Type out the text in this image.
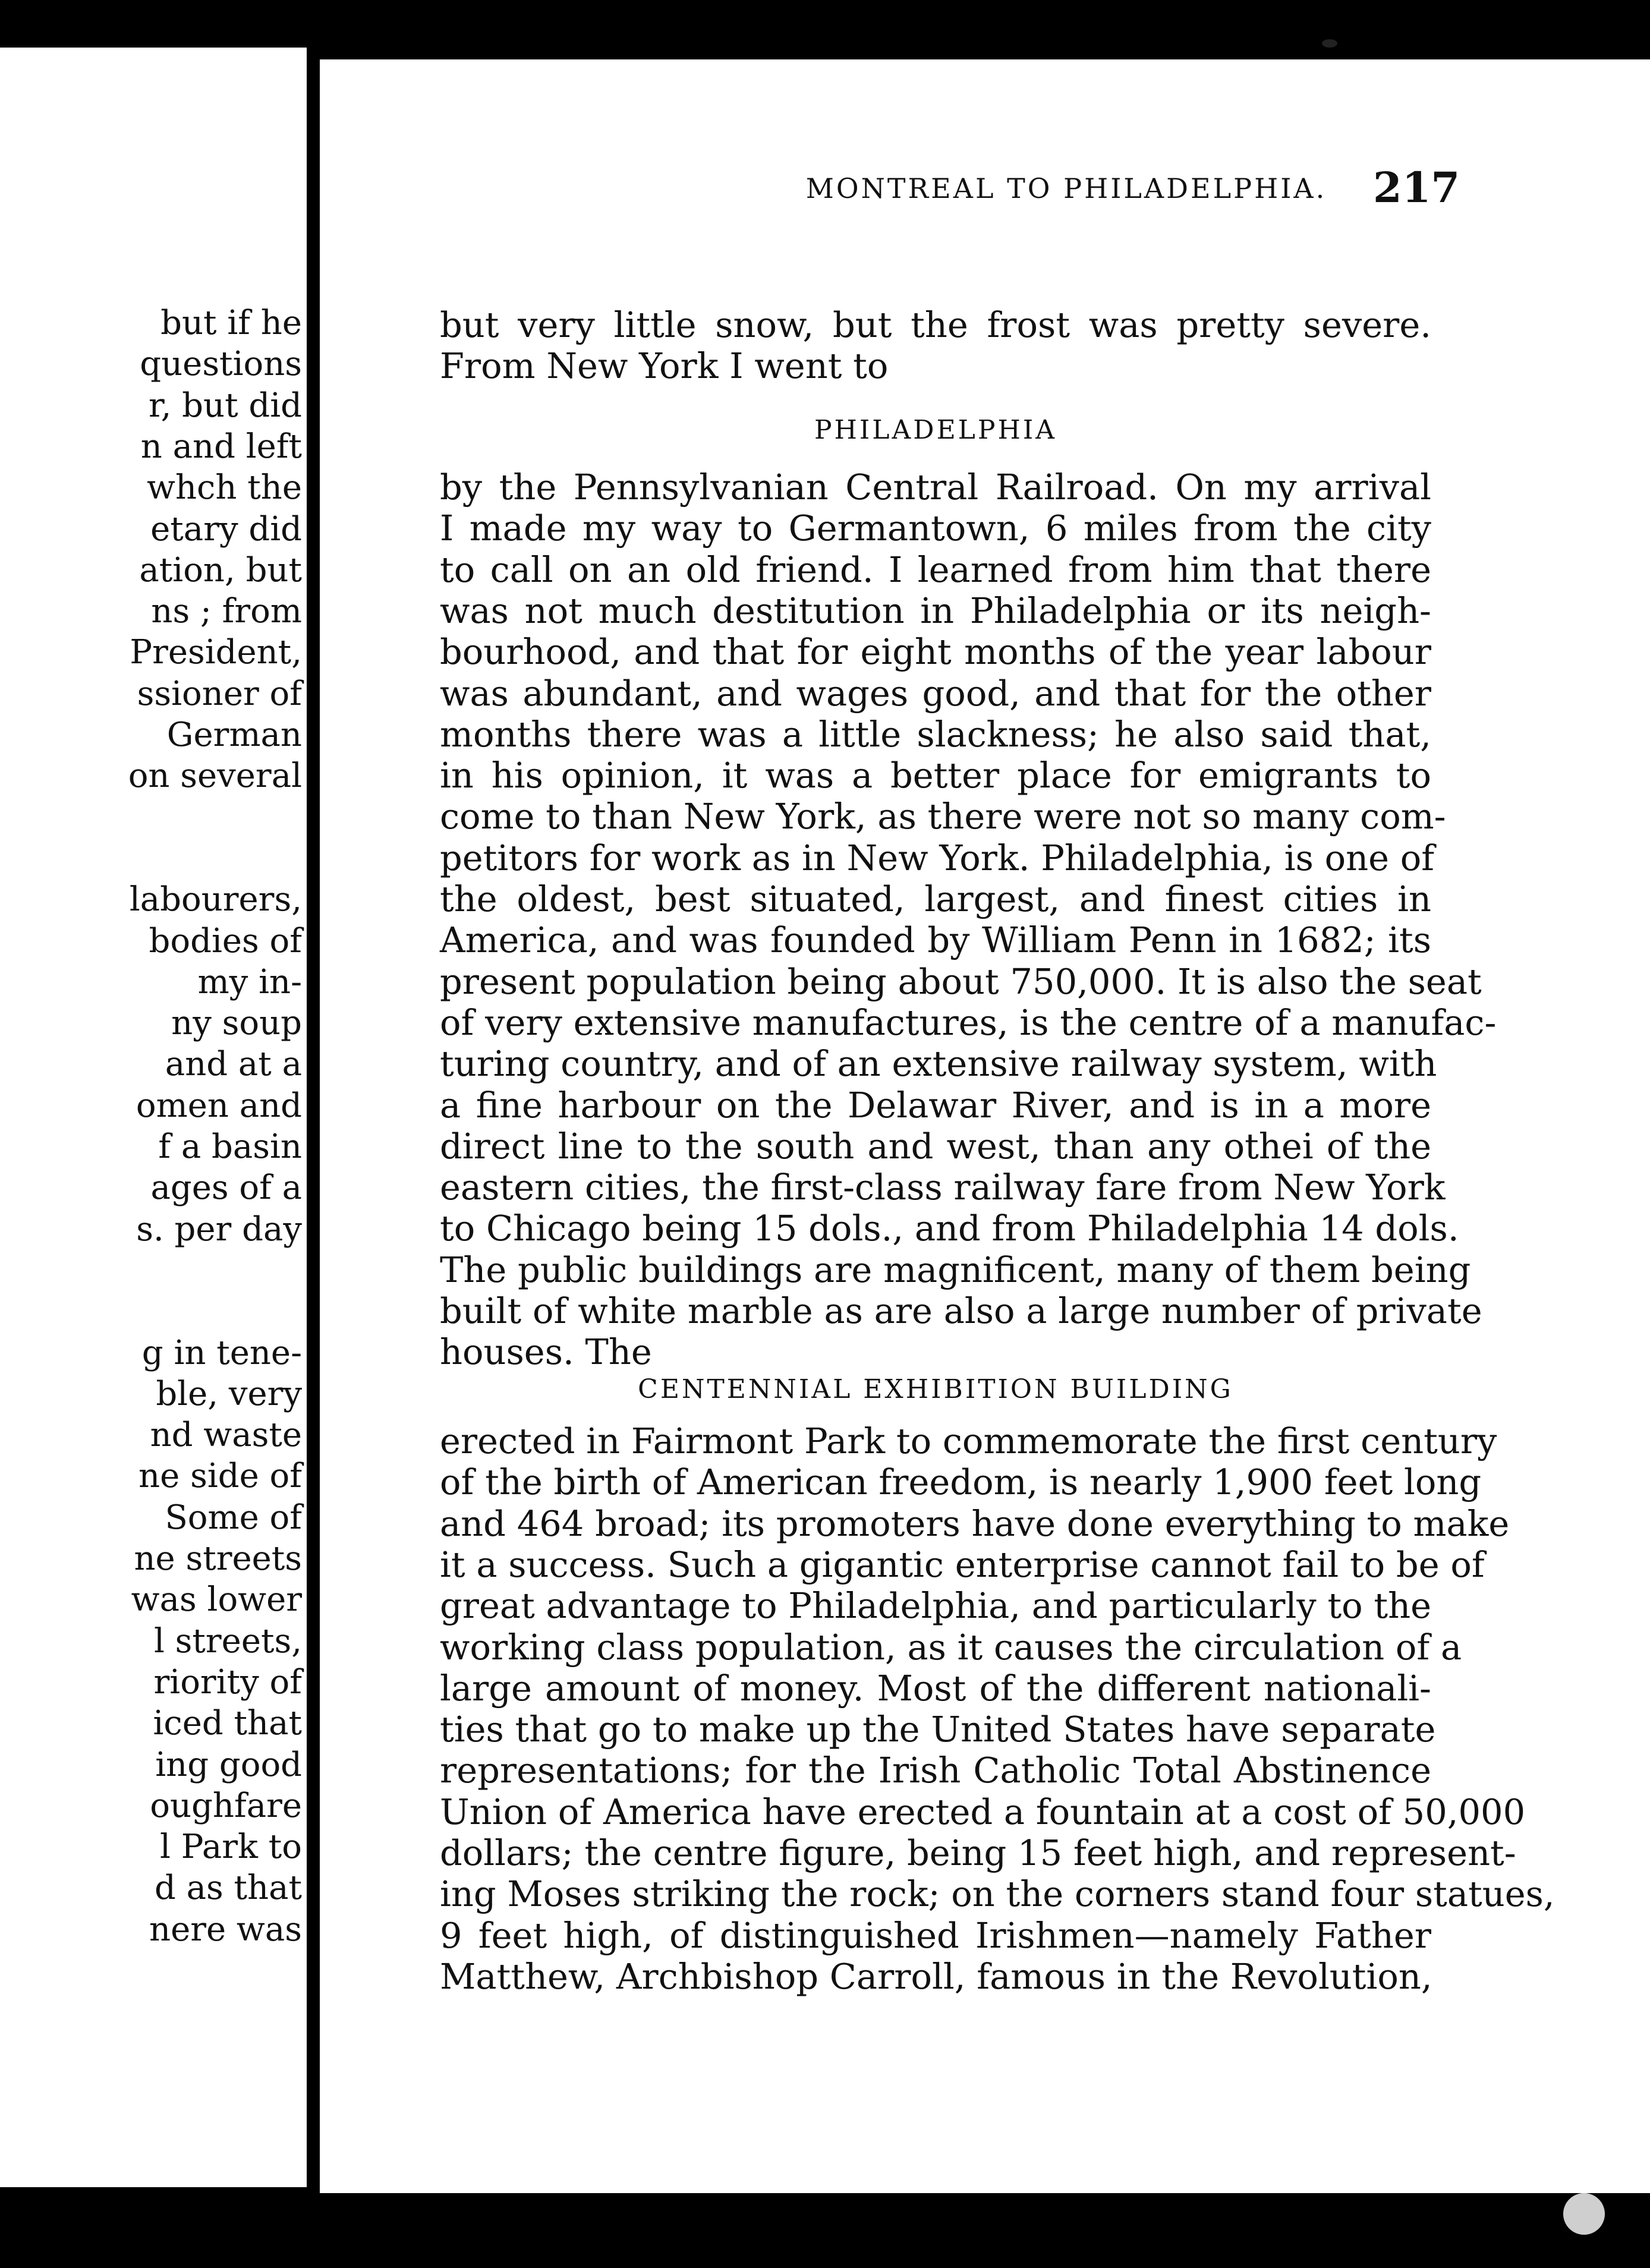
but if he
questions
r, but did
n and left
whch the
etary did
ation, but
ns ; from
President,
ssioner of
German
on several
labourers,
bodies of
my in-
ny soup
and at a
omen and
f a basin
ages of a
s. per day
g in tene-
ble, very
nd waste
ne side of
Some of
ne streets
was lower
l streets,
riority of
iced that
ing good
oughfare
l Park to
d as that
nere was
MONTREAL TO PHILADELPHIA.	217
but very little snow, but the frost was pretty severe.
From New York I went to
PHILADELPHIA
by the Pennsylvanian Central Railroad. On my arrival
I made my way to Germantown, 6 miles from the city
to call on an old friend. I learned from him that there
was not much destitution in Philadelphia or its neigh-
bourhood, and that for eight months of the year labour
was abundant, and wages good, and that for the other
months there was a little slackness; he also said that,
in his opinion, it was a better place for emigrants to
come to than New York, as there were not so many com-
petitors for work as in New York. Philadelphia, is one of
the oldest, best situated, largest, and finest cities in
America, and was founded by William Penn in 1682; its
present population being about 750,000. It is also the seat
of very extensive manufactures, is the centre of a manufac-
turing country, and of an extensive railway system, with
a fine harbour on the Delawar River, and is in a more
direct line to the south and west, than any othei of the
eastern cities, the first-class railway fare from New York
to Chicago being 15 dols., and from Philadelphia 14 dols.
The public buildings are magnificent, many of them being
built of white marble as are also a large number of private
houses. The
CENTENNIAL EXHIBITION BUILDING
erected in Fairmont Park to commemorate the first century
of the birth of American freedom, is nearly 1,900 feet long
and 464 broad; its promoters have done everything to make
it a success. Such a gigantic enterprise cannot fail to be of
great advantage to Philadelphia, and particularly to the
working class population, as it causes the circulation of a
large amount of money. Most of the different nationali-
ties that go to make up the United States have separate
representations; for the Irish Catholic Total Abstinence
Union of America have erected a fountain at a cost of 50,000
dollars; the centre figure, being 15 feet high, and represent-
ing Moses striking the rock; on the corners stand four statues,
9 feet high, of distinguished Irishmen—namely Father
Matthew, Archbishop Carroll, famous in the Revolution,
